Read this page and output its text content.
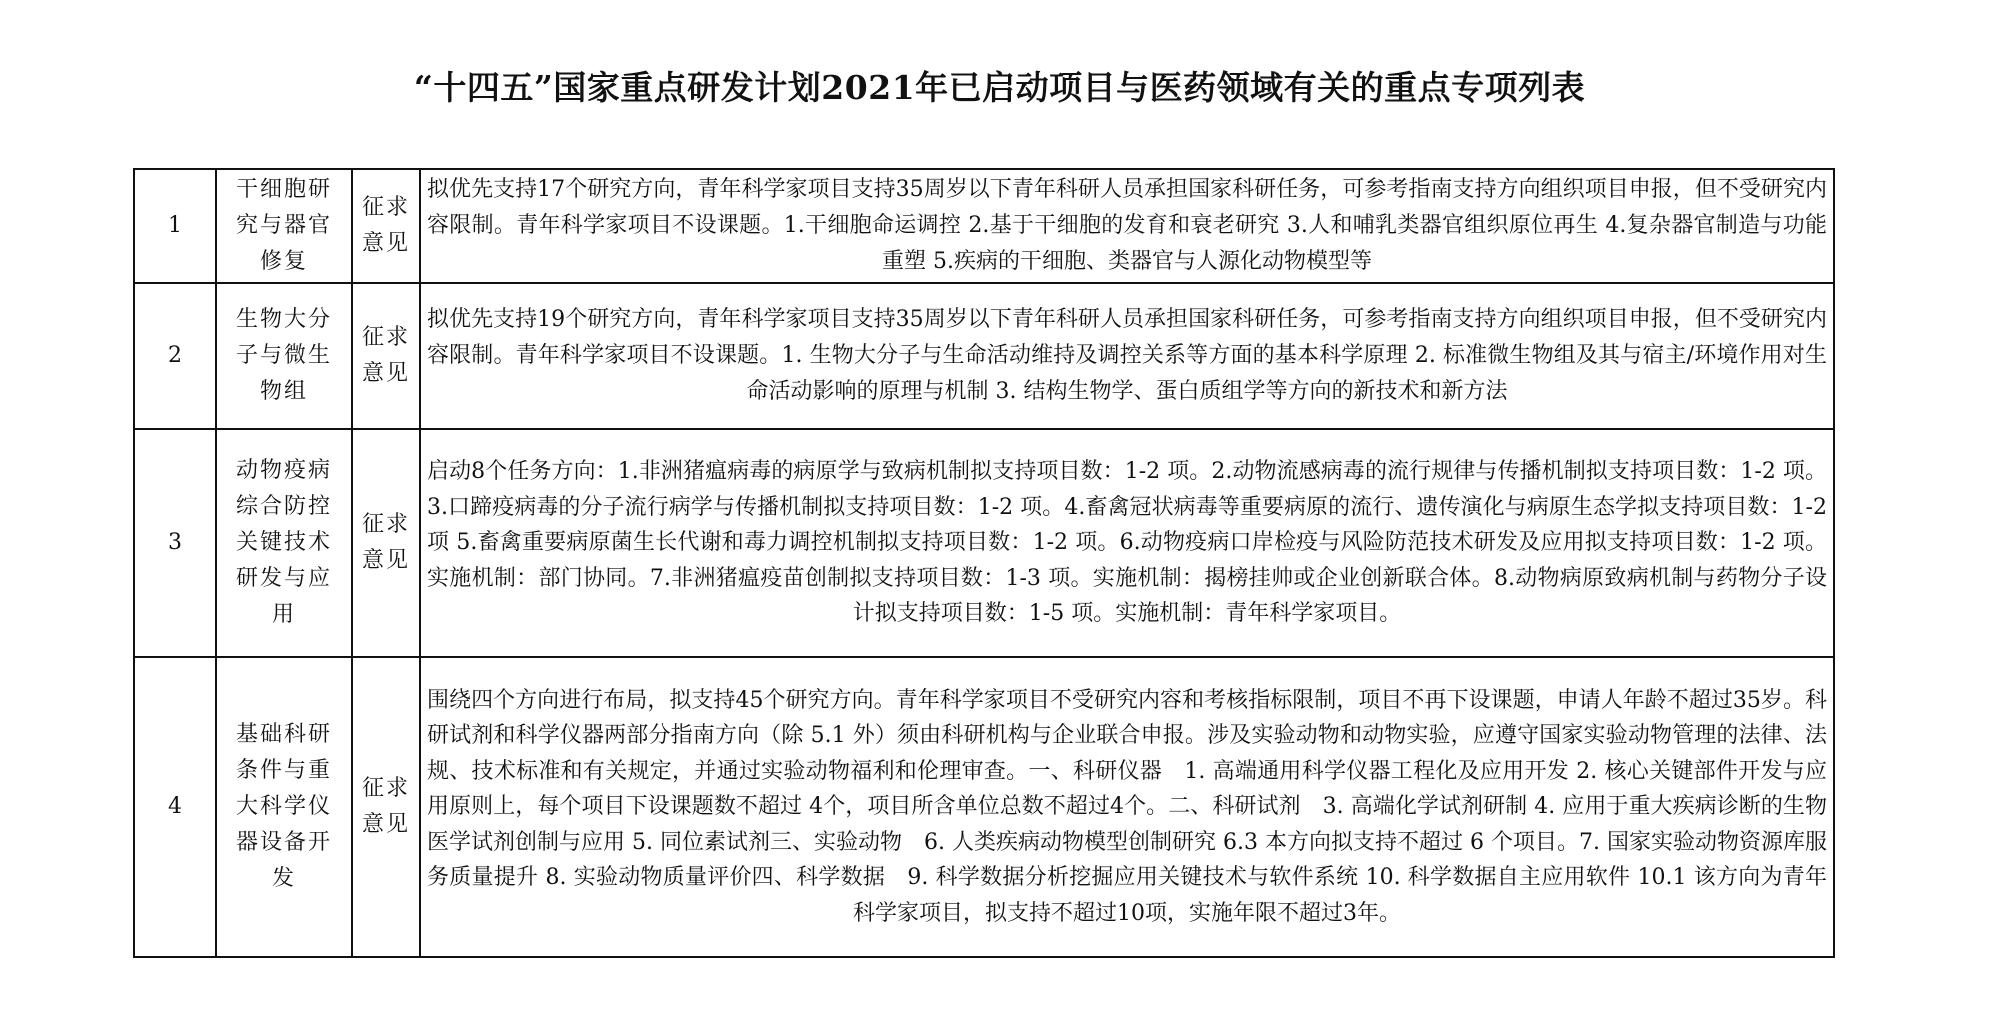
“十四五”国家重点研发计划2021年已启动项目与医药领域有关的重点专项列表
1	干细胞研究与器官修复	征求意见	拟优先支持17个研究方向，青年科学家项目支持35周岁以下青年科研人员承担国家科研任务，可参考指南支持方向组织项目申报，但不受研究内容限制。青年科学家项目不设课题。1.干细胞命运调控 2.基于干细胞的发育和衰老研究 3.人和哺乳类器官组织原位再生 4.复杂器官制造与功能重塑 5.疾病的干细胞、类器官与人源化动物模型等
2	生物大分子与微生物组	征求意见	拟优先支持19个研究方向，青年科学家项目支持35周岁以下青年科研人员承担国家科研任务，可参考指南支持方向组织项目申报，但不受研究内容限制。青年科学家项目不设课题。1. 生物大分子与生命活动维持及调控关系等方面的基本科学原理 2. 标准微生物组及其与宿主/环境作用对生命活动影响的原理与机制 3. 结构生物学、蛋白质组学等方向的新技术和新方法
3	动物疫病综合防控关键技术研发与应用	征求意见	启动8个任务方向：1.非洲猪瘟病毒的病原学与致病机制拟支持项目数：1-2 项。2.动物流感病毒的流行规律与传播机制拟支持项目数：1-2 项。3.口蹄疫病毒的分子流行病学与传播机制拟支持项目数：1-2 项。4.畜禽冠状病毒等重要病原的流行、遗传演化与病原生态学拟支持项目数：1-2 项 5.畜禽重要病原菌生长代谢和毒力调控机制拟支持项目数：1-2 项。6.动物疫病口岸检疫与风险防范技术研发及应用拟支持项目数：1-2 项。实施机制：部门协同。7.非洲猪瘟疫苗创制拟支持项目数：1-3 项。实施机制：揭榜挂帅或企业创新联合体。8.动物病原致病机制与药物分子设计拟支持项目数：1-5 项。实施机制：青年科学家项目。
4	基础科研条件与重大科学仪器设备开发	征求意见	围绕四个方向进行布局，拟支持45个研究方向。青年科学家项目不受研究内容和考核指标限制，项目不再下设课题，申请人年龄不超过35岁。科研试剂和科学仪器两部分指南方向（除 5.1 外）须由科研机构与企业联合申报。涉及实验动物和动物实验，应遵守国家实验动物管理的法律、法规、技术标准和有关规定，并通过实验动物福利和伦理审查。一、科研仪器　1. 高端通用科学仪器工程化及应用开发 2. 核心关键部件开发与应用原则上，每个项目下设课题数不超过 4个，项目所含单位总数不超过4个。二、科研试剂　3. 高端化学试剂研制 4. 应用于重大疾病诊断的生物医学试剂创制与应用 5. 同位素试剂三、实验动物　6. 人类疾病动物模型创制研究 6.3 本方向拟支持不超过 6 个项目。7. 国家实验动物资源库服务质量提升 8. 实验动物质量评价四、科学数据　9. 科学数据分析挖掘应用关键技术与软件系统 10. 科学数据自主应用软件 10.1 该方向为青年科学家项目，拟支持不超过10项，实施年限不超过3年。
